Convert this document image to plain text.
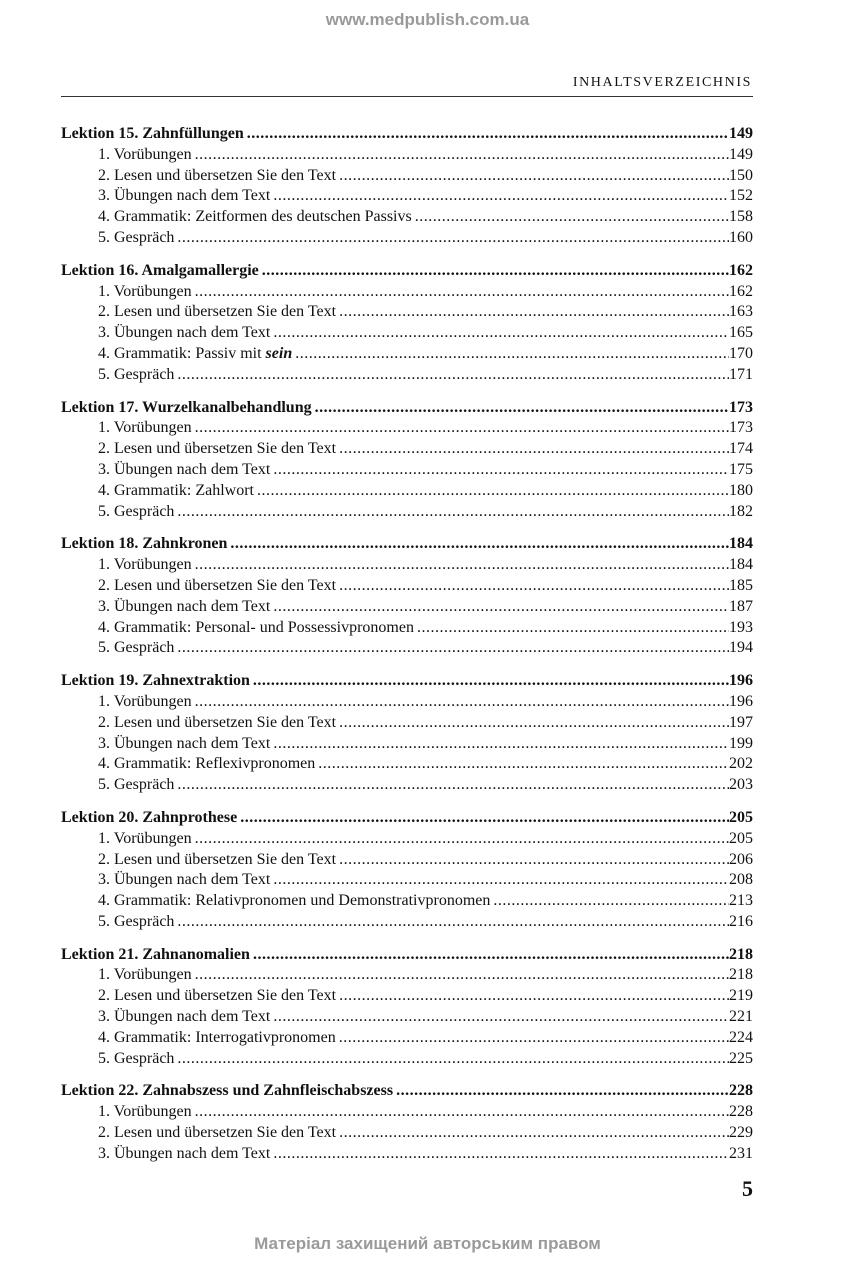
www.medpublish.com.ua
INHALTSVERZEICHNIS
Lektion 15. Zahnfüllungen .....	149
1. Vorübungen .....	149
2. Lesen und übersetzen Sie den Text .....	150
3. Übungen nach dem Text .....	152
4. Grammatik: Zeitformen des deutschen Passivs .....	158
5. Gespräch .....	160
Lektion 16. Amalgamallergie .....	162
1. Vorübungen .....	162
2. Lesen und übersetzen Sie den Text .....	163
3. Übungen nach dem Text .....	165
4. Grammatik: Passiv mit sein .....	170
5. Gespräch .....	171
Lektion 17. Wurzelkanalbehandlung .....	173
1. Vorübungen .....	173
2. Lesen und übersetzen Sie den Text .....	174
3. Übungen nach dem Text .....	175
4. Grammatik: Zahlwort .....	180
5. Gespräch .....	182
Lektion 18. Zahnkronen .....	184
1. Vorübungen .....	184
2. Lesen und übersetzen Sie den Text .....	185
3. Übungen nach dem Text .....	187
4. Grammatik: Personal- und Possessivpronomen .....	193
5. Gespräch .....	194
Lektion 19. Zahnextraktion .....	196
1. Vorübungen .....	196
2. Lesen und übersetzen Sie den Text .....	197
3. Übungen nach dem Text .....	199
4. Grammatik: Reflexivpronomen .....	202
5. Gespräch .....	203
Lektion 20. Zahnprothese .....	205
1. Vorübungen .....	205
2. Lesen und übersetzen Sie den Text .....	206
3. Übungen nach dem Text .....	208
4. Grammatik: Relativpronomen und Demonstrativpronomen .....	213
5. Gespräch .....	216
Lektion 21. Zahnanomalien .....	218
1. Vorübungen .....	218
2. Lesen und übersetzen Sie den Text .....	219
3. Übungen nach dem Text .....	221
4. Grammatik: Interrogativpronomen .....	224
5. Gespräch .....	225
Lektion 22. Zahnabszess und Zahnfleischabszess .....	228
1. Vorübungen .....	228
2. Lesen und übersetzen Sie den Text .....	229
3. Übungen nach dem Text .....	231
5
Матеріал захищений авторським правом
